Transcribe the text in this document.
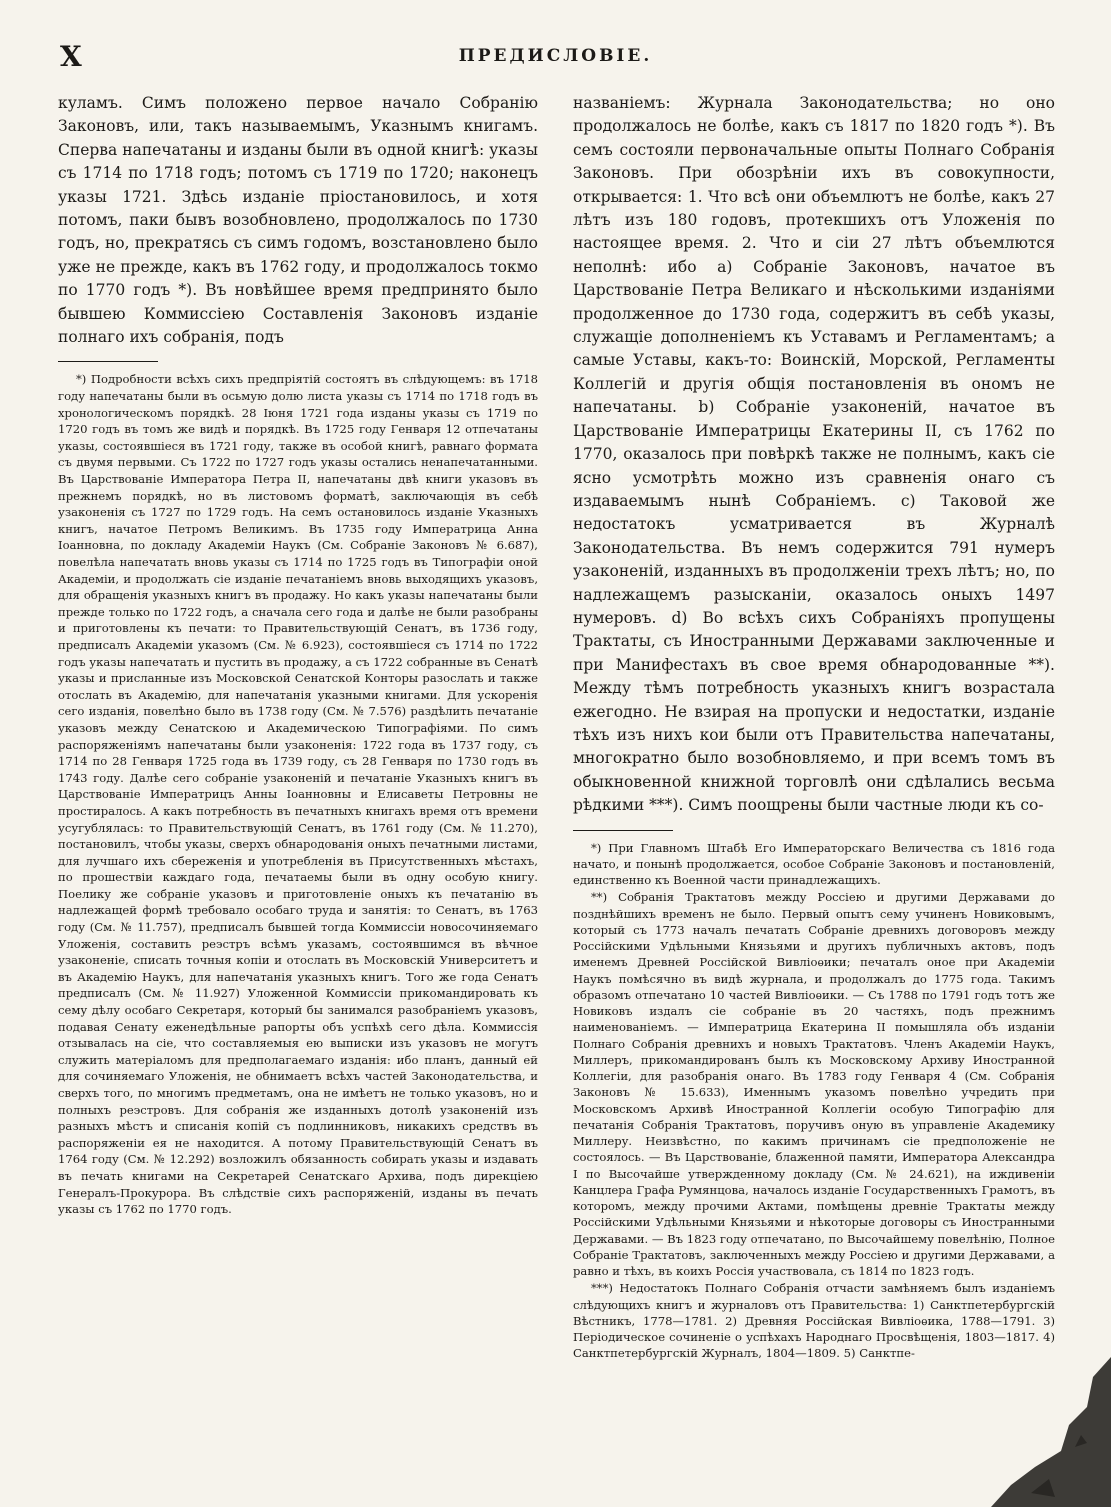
X	ПРЕДИСЛОВІЕ.

куламъ. Симъ положено первое начало Собранію Законовъ, или, такъ называемымъ, Указнымъ книгамъ. Сперва напечатаны и изданы были въ одной книгѣ: указы съ 1714 по 1718 годъ; потомъ съ 1719 по 1720; наконецъ указы 1721. Здѣсь изданіе пріостановилось, и хотя потомъ, паки бывъ возобновлено, продолжалось по 1730 годъ, но, прекратясь съ симъ годомъ, возстановлено было уже не прежде, какъ въ 1762 году, и продолжалось токмо по 1770 годъ *). Въ новѣйшее время предпринято было бывшею Коммиссіею Составленія Законовъ изданіе полнаго ихъ собранія, подъ

*) Подробности всѣхъ сихъ предпріятій состоятъ въ слѣдующемъ: въ 1718 году напечатаны были въ осьмую долю листа указы съ 1714 по 1718 годъ въ хронологическомъ порядкѣ. 28 Іюня 1721 года изданы указы съ 1719 по 1720 годъ въ томъ же видѣ и порядкѣ. Въ 1725 году Генваря 12 отпечатаны указы, состоявшіеся въ 1721 году, также въ особой книгѣ, равнаго формата съ двумя первыми. Съ 1722 по 1727 годъ указы остались ненапечатанными. Въ Царствованіе Императора Петра II, напечатаны двѣ книги указовъ въ прежнемъ порядкѣ, но въ листовомъ форматѣ, заключающія въ себѣ узаконенія съ 1727 по 1729 годъ. На семъ остановилось изданіе Указныхъ книгъ, начатое Петромъ Великимъ. Въ 1735 году Императрица Анна Іоанновна, по докладу Академіи Наукъ (См. Собраніе Законовъ № 6.687), повелѣла напечатать вновь указы съ 1714 по 1725 годъ въ Типографіи оной Академіи, и продолжать сіе изданіе печатаніемъ вновь выходящихъ указовъ, для обращенія указныхъ книгъ въ продажу. Но какъ указы напечатаны были прежде только по 1722 годъ, а сначала сего года и далѣе не были разобраны и приготовлены къ печати: то Правительствующій Сенатъ, въ 1736 году, предписалъ Академіи указомъ (См. № 6.923), состоявшіеся съ 1714 по 1722 годъ указы напечатать и пустить въ продажу, а съ 1722 собранные въ Сенатѣ указы и присланные изъ Московской Сенатской Конторы разослать и также отослать въ Академію, для напечатанія указными книгами. Для ускоренія сего изданія, повелѣно было въ 1738 году (См. № 7.576) раздѣлить печатаніе указовъ между Сенатскою и Академическою Типографіями. По симъ распоряженіямъ напечатаны были узаконенія: 1722 года въ 1737 году, съ 1714 по 28 Генваря 1725 года въ 1739 году, съ 28 Генваря по 1730 годъ въ 1743 году. Далѣе сего собраніе узаконеній и печатаніе Указныхъ книгъ въ Царствованіе Императрицъ Анны Іоанновны и Елисаветы Петровны не простиралось. А какъ потребность въ печатныхъ книгахъ время отъ времени усугублялась: то Правительствующій Сенатъ, въ 1761 году (См. № 11.270), постановилъ, чтобы указы, сверхъ обнародованія оныхъ печатными листами, для лучшаго ихъ сбереженія и употребленія въ Присутственныхъ мѣстахъ, по прошествіи каждаго года, печатаемы были въ одну особую книгу. Поелику же собраніе указовъ и приготовленіе оныхъ къ печатанію въ надлежащей формѣ требовало особаго труда и занятія: то Сенатъ, въ 1763 году (См. № 11.757), предписалъ бывшей тогда Коммиссіи новосочиняемаго Уложенія, составить реэстръ всѣмъ указамъ, состоявшимся въ вѣчное узаконеніе, списать точныя копіи и отослать въ Московскій Университетъ и въ Академію Наукъ, для напечатанія указныхъ книгъ. Того же года Сенатъ предписалъ (См. № 11.927) Уложенной Коммиссіи прикомандировать къ сему дѣлу особаго Секретаря, который бы занимался разобраніемъ указовъ, подавая Сенату еженедѣльные рапорты объ успѣхѣ сего дѣла. Коммиссія отзывалась на сіе, что составляемыя ею выписки изъ указовъ не могутъ служить матеріаломъ для предполагаемаго изданія: ибо планъ, данный ей для сочиняемаго Уложенія, не обнимаетъ всѣхъ частей Законодательства, и сверхъ того, по многимъ предметамъ, она не имѣетъ не только указовъ, но и полныхъ реэстровъ. Для собранія же изданныхъ дотолѣ узаконеній изъ разныхъ мѣстъ и списанія копій съ подлинниковъ, никакихъ средствъ въ распоряженіи ея не находится. А потому Правительствующій Сенатъ въ 1764 году (См. № 12.292) возложилъ обязанность собирать указы и издавать въ печать книгами на Секретарей Сенатскаго Архива, подъ дирекціею Генералъ-Прокурора. Въ слѣдствіе сихъ распоряженій, изданы въ печать указы съ 1762 по 1770 годъ.

названіемъ: Журнала Законодательства; но оно продолжалось не болѣе, какъ съ 1817 по 1820 годъ *). Въ семъ состояли первоначальные опыты Полнаго Собранія Законовъ. При обозрѣніи ихъ въ совокупности, открывается: 1. Что всѣ они объемлютъ не болѣе, какъ 27 лѣтъ изъ 180 годовъ, протекшихъ отъ Уложенія по настоящее время. 2. Что и сіи 27 лѣтъ объемлются неполнѣ: ибо a) Собраніе Законовъ, начатое въ Царствованіе Петра Великаго и нѣсколькими изданіями продолженное до 1730 года, содержитъ въ себѣ указы, служащіе дополненіемъ къ Уставамъ и Регламентамъ; а самые Уставы, какъ-то: Воинскій, Морской, Регламенты Коллегій и другія общія постановленія въ ономъ не напечатаны. b) Собраніе узаконеній, начатое въ Царствованіе Императрицы Екатерины II, съ 1762 по 1770, оказалось при повѣркѣ также не полнымъ, какъ сіе ясно усмотрѣть можно изъ сравненія онаго съ издаваемымъ нынѣ Собраніемъ. c) Таковой же недостатокъ усматривается въ Журналѣ Законодательства. Въ немъ содержится 791 нумеръ узаконеній, изданныхъ въ продолженіи трехъ лѣтъ; но, по надлежащемъ разысканіи, оказалось оныхъ 1497 нумеровъ. d) Во всѣхъ сихъ Собраніяхъ пропущены Трактаты, съ Иностранными Державами заключенные и при Манифестахъ въ свое время обнародованные **). Между тѣмъ потребность указныхъ книгъ возрастала ежегодно. Не взирая на пропуски и недостатки, изданіе тѣхъ изъ нихъ кои были отъ Правительства напечатаны, многократно было возобновляемо, и при всемъ томъ въ обыкновенной книжной торговлѣ они сдѣлались весьма рѣдкими ***). Симъ поощрены были частные люди къ со-

*) При Главномъ Штабѣ Его Императорскаго Величества съ 1816 года начато, и понынѣ продолжается, особое Собраніе Законовъ и постановленій, единственно къ Военной части принадлежащихъ.

**) Собранія Трактатовъ между Россіею и другими Державами до позднѣйшихъ временъ не было. Первый опытъ сему учиненъ Новиковымъ, который съ 1773 началъ печатать Собраніе древнихъ договоровъ между Россійскими Удѣльными Князьями и другихъ публичныхъ актовъ, подъ именемъ Древней Россійской Вивліоѳики; печаталъ оное при Академіи Наукъ помѣсячно въ видѣ журнала, и продолжалъ до 1775 года. Такимъ образомъ отпечатано 10 частей Вивліоѳики. — Съ 1788 по 1791 годъ тотъ же Новиковъ издалъ сіе собраніе въ 20 частяхъ, подъ прежнимъ наименованіемъ. — Императрица Екатерина II помышляла объ изданіи Полнаго Собранія древнихъ и новыхъ Трактатовъ. Членъ Академіи Наукъ, Миллеръ, прикомандированъ былъ къ Московскому Архиву Иностранной Коллегіи, для разобранія онаго. Въ 1783 году Генваря 4 (См. Собранія Законовъ № 15.633), Именнымъ указомъ повелѣно учредить при Московскомъ Архивѣ Иностранной Коллегіи особую Типографію для печатанія Собранія Трактатовъ, поручивъ оную въ управленіе Академику Миллеру. Неизвѣстно, по какимъ причинамъ сіе предположеніе не состоялось. — Въ Царствованіе, блаженной памяти, Императора Александра I по Высочайше утвержденному докладу (См. № 24.621), на иждивеніи Канцлера Графа Румянцова, началось изданіе Государственныхъ Грамотъ, въ которомъ, между прочими Актами, помѣщены древніе Трактаты между Россійскими Удѣльными Князьями и нѣкоторые договоры съ Иностранными Державами. — Въ 1823 году отпечатано, по Высочайшему повелѣнію, Полное Собраніе Трактатовъ, заключенныхъ между Россіею и другими Державами, а равно и тѣхъ, въ коихъ Россія участвовала, съ 1814 по 1823 годъ.

***) Недостатокъ Полнаго Собранія отчасти замѣняемъ былъ изданіемъ слѣдующихъ книгъ и журналовъ отъ Правительства: 1) Санктпетербургскій Вѣстникъ, 1778—1781. 2) Древняя Россійская Вивліоѳика, 1788—1791. 3) Періодическое сочиненіе о успѣхахъ Народнаго Просвѣщенія, 1803—1817. 4) Санктпетербургскій Журналъ, 1804—1809. 5) Санктпе-
